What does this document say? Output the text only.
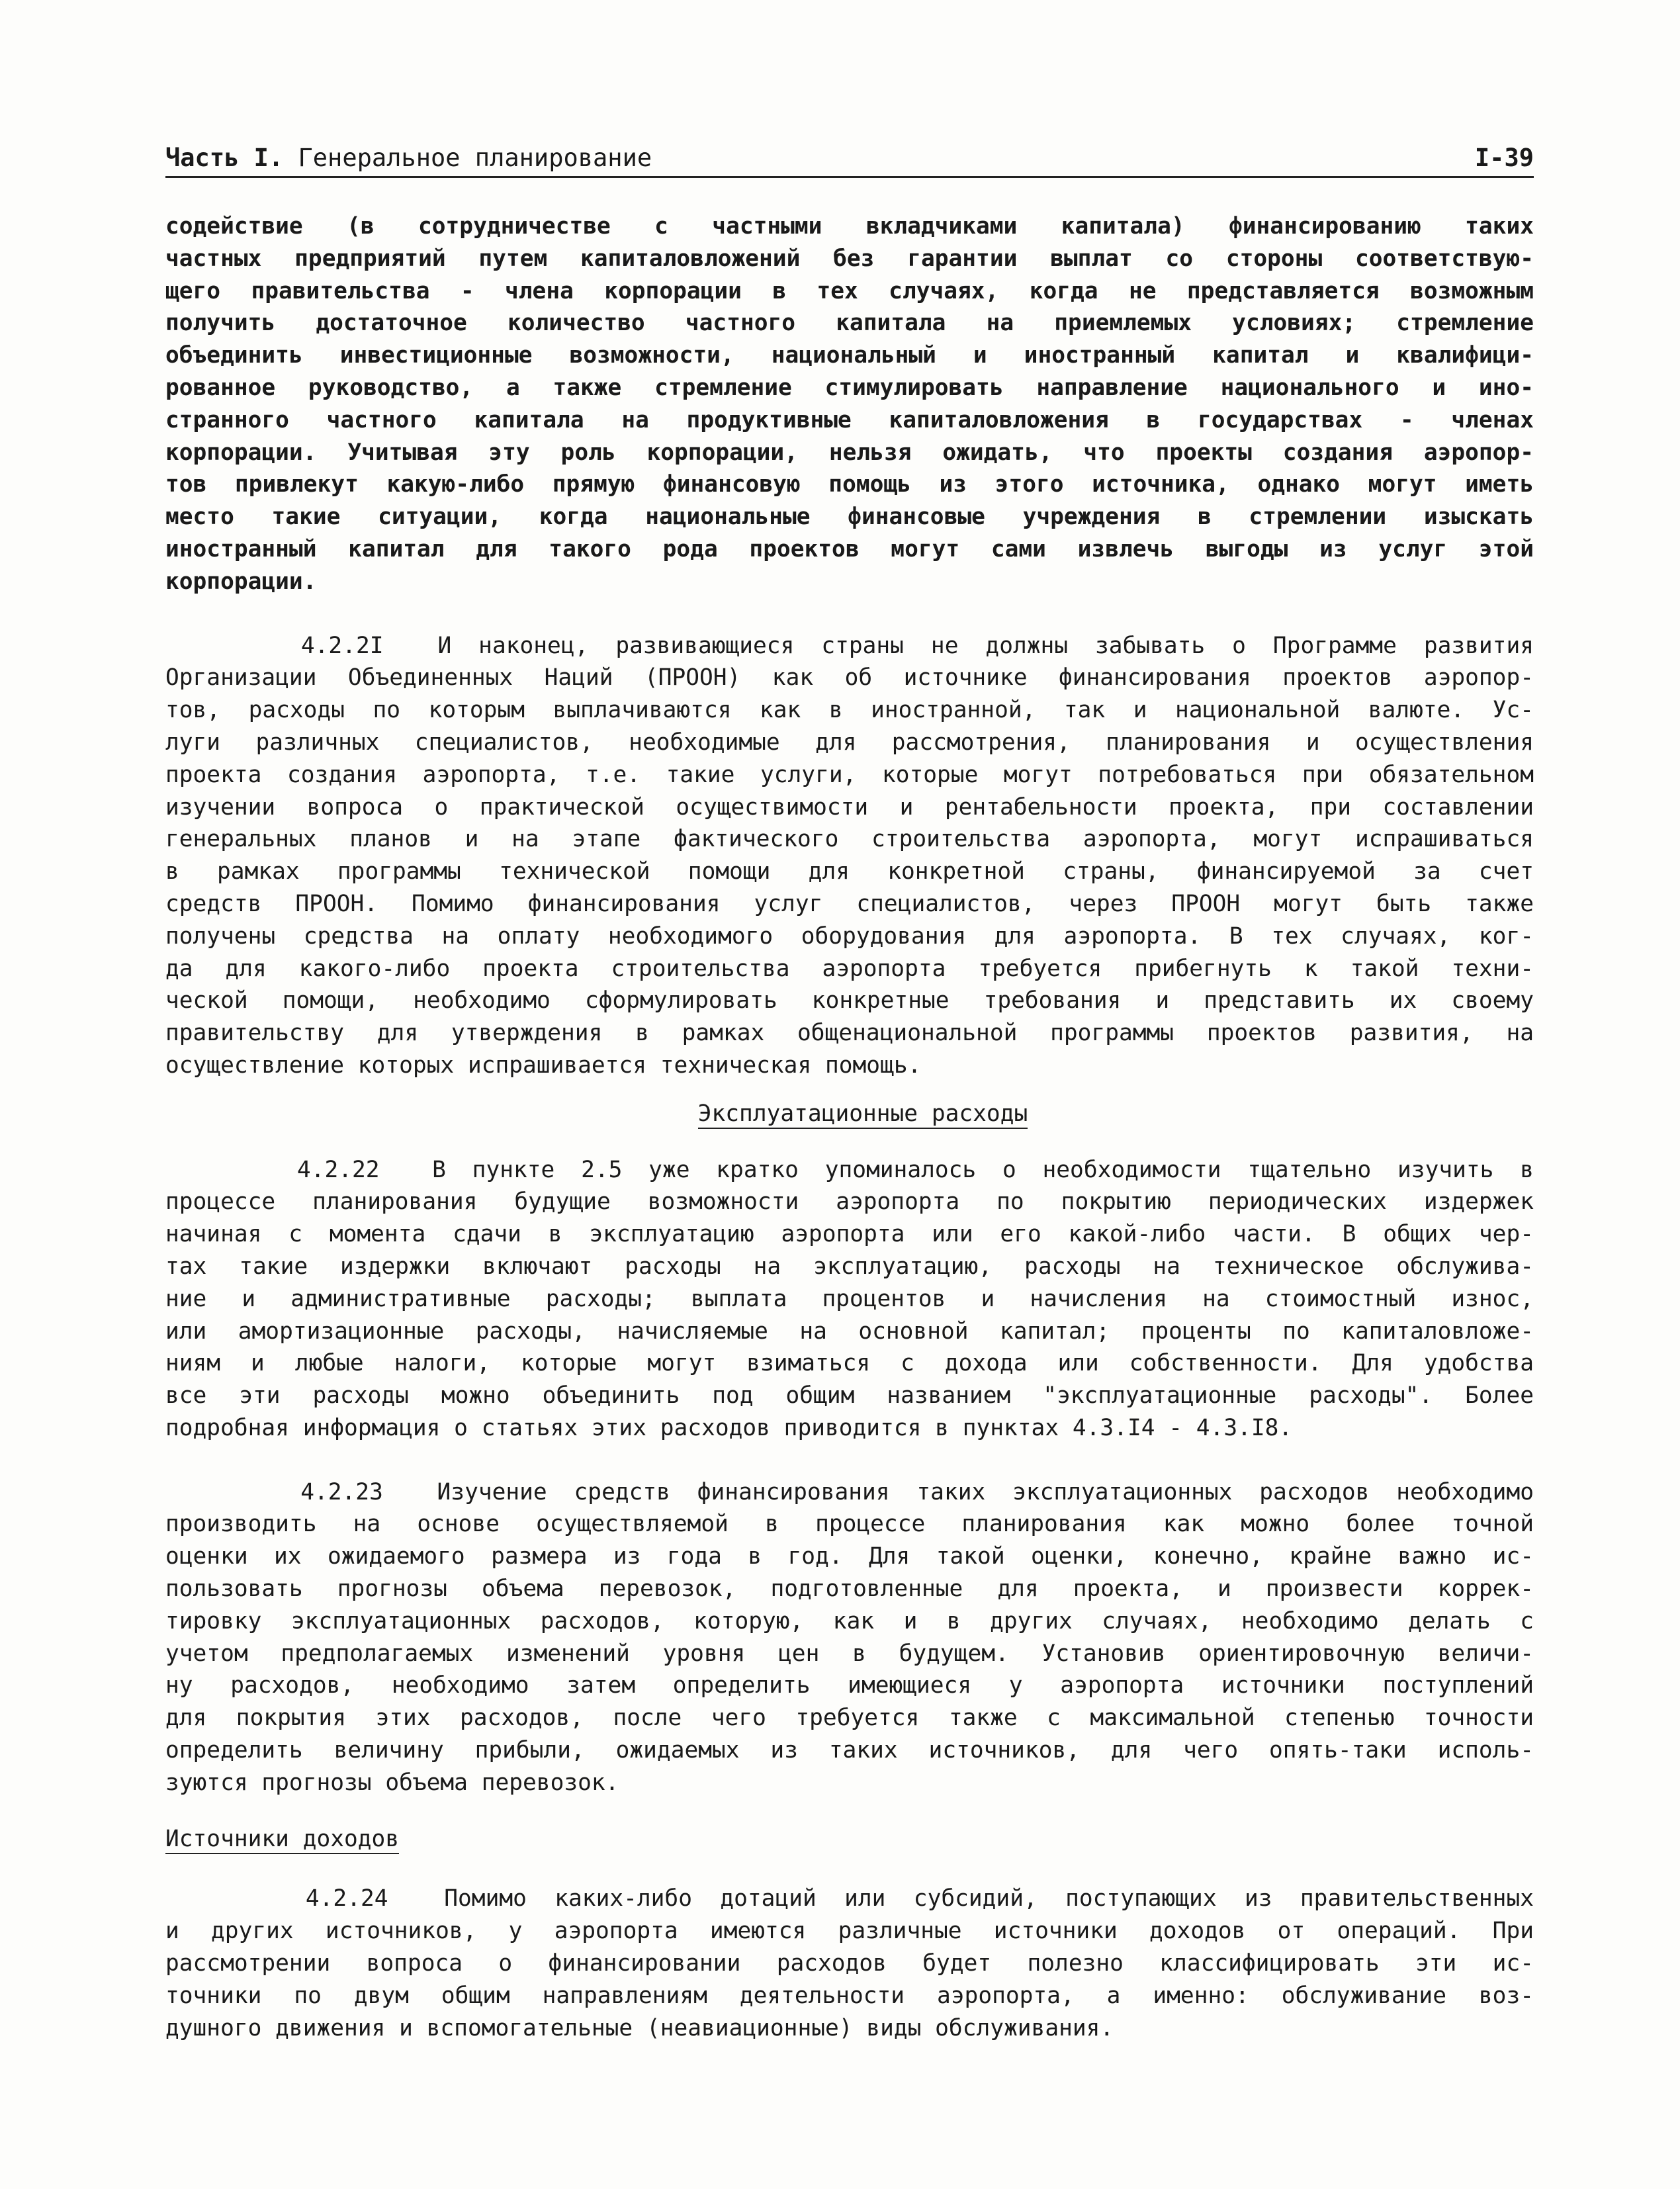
Часть I. Генеральное планирование	I-39
содействие (в сотрудничестве с частными вкладчиками капитала) финансированию таких
частных предприятий путем капиталовложений без гарантии выплат со стороны соответствую-
щего правительства - члена корпорации в тех случаях, когда не представляется возможным
получить достаточное количество частного капитала на приемлемых условиях; стремление
объединить инвестиционные возможности, национальный и иностранный капитал и квалифици-
рованное руководство, а также стремление стимулировать направление национального и ино-
странного частного капитала на продуктивные капиталовложения в государствах - членах
корпорации. Учитывая эту роль корпорации, нельзя ожидать, что проекты создания аэропор-
тов привлекут какую-либо прямую финансовую помощь из этого источника, однако могут иметь
место такие ситуации, когда национальные финансовые учреждения в стремлении изыскать
иностранный капитал для такого рода проектов могут сами извлечь выгоды из услуг этой
корпорации.
4.2.2I  И наконец, развивающиеся страны не должны забывать о Программе развития
Организации Объединенных Наций (ПРООН) как об источнике финансирования проектов аэропор-
тов, расходы по которым выплачиваются как в иностранной, так и национальной валюте. Ус-
луги различных специалистов, необходимые для рассмотрения, планирования и осуществления
проекта создания аэропорта, т.е. такие услуги, которые могут потребоваться при обязательном
изучении вопроса о практической осуществимости и рентабельности проекта, при составлении
генеральных планов и на этапе фактического строительства аэропорта, могут испрашиваться
в рамках программы технической помощи для конкретной страны, финансируемой за счет
средств ПРООН. Помимо финансирования услуг специалистов, через ПРООН могут быть также
получены средства на оплату необходимого оборудования для аэропорта. В тех случаях, ког-
да для какого-либо проекта строительства аэропорта требуется прибегнуть к такой техни-
ческой помощи, необходимо сформулировать конкретные требования и представить их своему
правительству для утверждения в рамках общенациональной программы проектов развития, на
осуществление которых испрашивается техническая помощь.

Эксплуатационные расходы

4.2.22  В пункте 2.5 уже кратко упоминалось о необходимости тщательно изучить в
процессе планирования будущие возможности аэропорта по покрытию периодических издержек
начиная с момента сдачи в эксплуатацию аэропорта или его какой-либо части. В общих чер-
тах такие издержки включают расходы на эксплуатацию, расходы на техническое обслужива-
ние и административные расходы; выплата процентов и начисления на стоимостный износ,
или амортизационные расходы, начисляемые на основной капитал; проценты по капиталовложе-
ниям и любые налоги, которые могут взиматься с дохода или собственности. Для удобства
все эти расходы можно объединить под общим названием "эксплуатационные расходы". Более
подробная информация о статьях этих расходов приводится в пунктах 4.3.I4 - 4.3.I8.
4.2.23  Изучение средств финансирования таких эксплуатационных расходов необходимо
производить на основе осуществляемой в процессе планирования как можно более точной
оценки их ожидаемого размера из года в год. Для такой оценки, конечно, крайне важно ис-
пользовать прогнозы объема перевозок, подготовленные для проекта, и произвести коррек-
тировку эксплуатационных расходов, которую, как и в других случаях, необходимо делать с
учетом предполагаемых изменений уровня цен в будущем. Установив ориентировочную величи-
ну расходов, необходимо затем определить имеющиеся у аэропорта источники поступлений
для покрытия этих расходов, после чего требуется также с максимальной степенью точности
определить величину прибыли, ожидаемых из таких источников, для чего опять-таки исполь-
зуются прогнозы объема перевозок.

Источники доходов

4.2.24  Помимо каких-либо дотаций или субсидий, поступающих из правительственных
и других источников, у аэропорта имеются различные источники доходов от операций. При
рассмотрении вопроса о финансировании расходов будет полезно классифицировать эти ис-
точники по двум общим направлениям деятельности аэропорта, а именно: обслуживание воз-
душного движения и вспомогательные (неавиационные) виды обслуживания.
